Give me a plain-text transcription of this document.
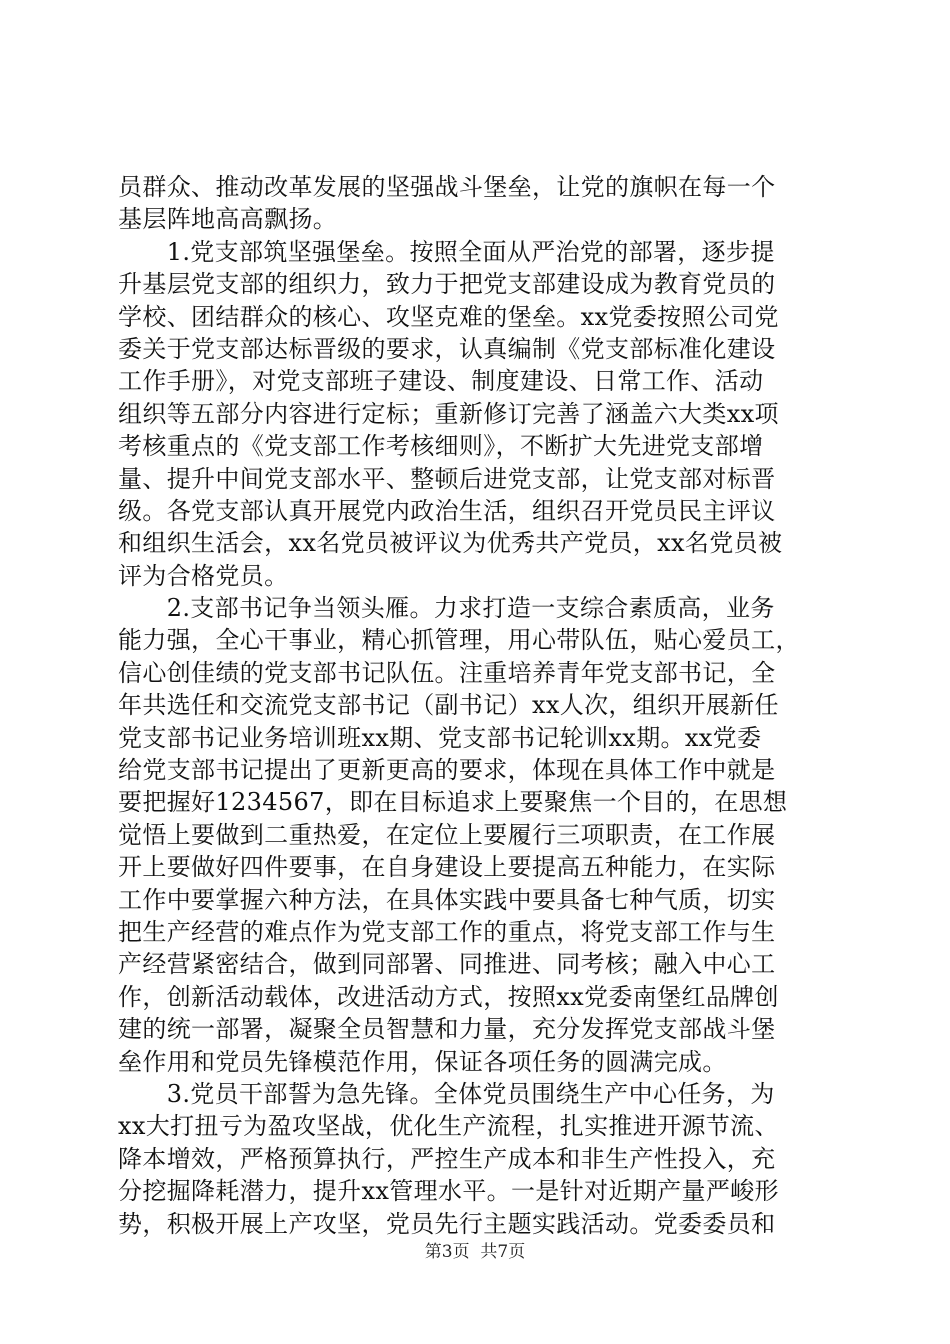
员群众、推动改革发展的坚强战斗堡垒，让党的旗帜在每一个
基层阵地高高飘扬。
　　1.党支部筑坚强堡垒。按照全面从严治党的部署，逐步提
升基层党支部的组织力，致力于把党支部建设成为教育党员的
学校、团结群众的核心、攻坚克难的堡垒。xx党委按照公司党
委关于党支部达标晋级的要求，认真编制《党支部标准化建设
工作手册》，对党支部班子建设、制度建设、日常工作、活动
组织等五部分内容进行定标；重新修订完善了涵盖六大类xx项
考核重点的《党支部工作考核细则》，不断扩大先进党支部增
量、提升中间党支部水平、整顿后进党支部，让党支部对标晋
级。各党支部认真开展党内政治生活，组织召开党员民主评议
和组织生活会，xx名党员被评议为优秀共产党员，xx名党员被
评为合格党员。
　　2.支部书记争当领头雁。力求打造一支综合素质高，业务
能力强，全心干事业，精心抓管理，用心带队伍，贴心爱员工，
信心创佳绩的党支部书记队伍。注重培养青年党支部书记，全
年共选任和交流党支部书记（副书记）xx人次，组织开展新任
党支部书记业务培训班xx期、党支部书记轮训xx期。xx党委
给党支部书记提出了更新更高的要求，体现在具体工作中就是
要把握好1234567，即在目标追求上要聚焦一个目的，在思想
觉悟上要做到二重热爱，在定位上要履行三项职责，在工作展
开上要做好四件要事，在自身建设上要提高五种能力，在实际
工作中要掌握六种方法，在具体实践中要具备七种气质，切实
把生产经营的难点作为党支部工作的重点，将党支部工作与生
产经营紧密结合，做到同部署、同推进、同考核；融入中心工
作，创新活动载体，改进活动方式，按照xx党委南堡红品牌创
建的统一部署，凝聚全员智慧和力量，充分发挥党支部战斗堡
垒作用和党员先锋模范作用，保证各项任务的圆满完成。
　　3.党员干部誓为急先锋。全体党员围绕生产中心任务，为
xx大打扭亏为盈攻坚战，优化生产流程，扎实推进开源节流、
降本增效，严格预算执行，严控生产成本和非生产性投入，充
分挖掘降耗潜力，提升xx管理水平。一是针对近期产量严峻形
势，积极开展上产攻坚，党员先行主题实践活动。党委委员和
第3页 共7页
